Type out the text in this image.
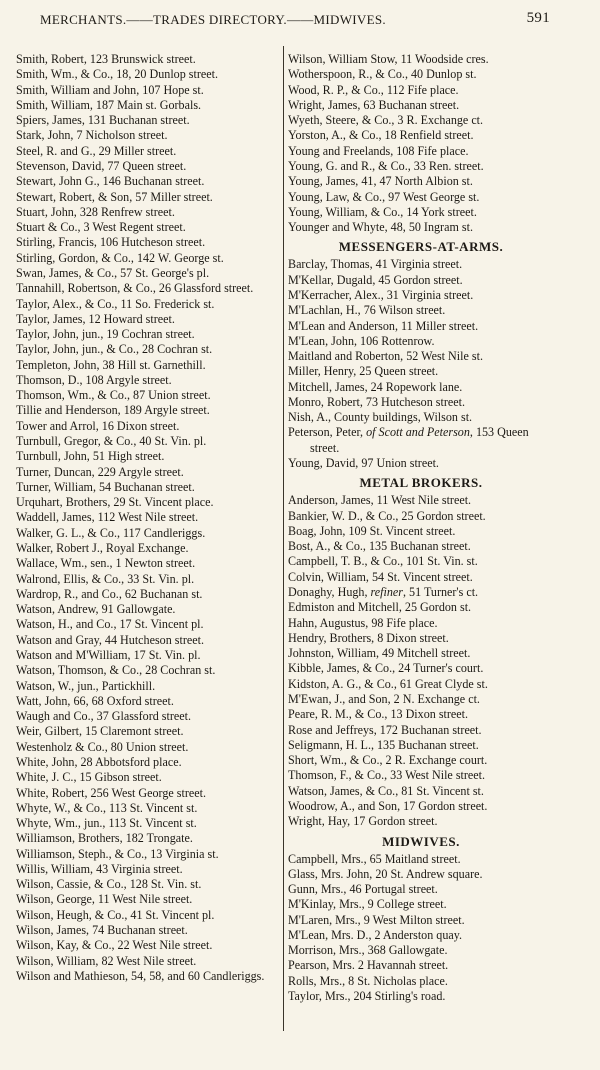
MERCHANTS.——TRADES DIRECTORY.——MIDWIVES.	591
Smith, Robert, 123 Brunswick street.
Smith, Wm., & Co., 18, 20 Dunlop street.
Smith, William and John, 107 Hope st.
Smith, William, 187 Main st. Gorbals.
Spiers, James, 131 Buchanan street.
Stark, John, 7 Nicholson street.
Steel, R. and G., 29 Miller street.
Stevenson, David, 77 Queen street.
Stewart, John G., 146 Buchanan street.
Stewart, Robert, & Son, 57 Miller street.
Stuart, John, 328 Renfrew street.
Stuart & Co., 3 West Regent street.
Stirling, Francis, 106 Hutcheson street.
Stirling, Gordon, & Co., 142 W. George st.
Swan, James, & Co., 57 St. George's pl.
Tannahill, Robertson, & Co., 26 Glassford street.
Taylor, Alex., & Co., 11 So. Frederick st.
Taylor, James, 12 Howard street.
Taylor, John, jun., 19 Cochran street.
Taylor, John, jun., & Co., 28 Cochran st.
Templeton, John, 38 Hill st. Garnethill.
Thomson, D., 108 Argyle street.
Thomson, Wm., & Co., 87 Union street.
Tillie and Henderson, 189 Argyle street.
Tower and Arrol, 16 Dixon street.
Turnbull, Gregor, & Co., 40 St. Vin. pl.
Turnbull, John, 51 High street.
Turner, Duncan, 229 Argyle street.
Turner, William, 54 Buchanan street.
Urquhart, Brothers, 29 St. Vincent place.
Waddell, James, 112 West Nile street.
Walker, G. L., & Co., 117 Candleriggs.
Walker, Robert J., Royal Exchange.
Wallace, Wm., sen., 1 Newton street.
Walrond, Ellis, & Co., 33 St. Vin. pl.
Wardrop, R., and Co., 62 Buchanan st.
Watson, Andrew, 91 Gallowgate.
Watson, H., and Co., 17 St. Vincent pl.
Watson and Gray, 44 Hutcheson street.
Watson and M'William, 17 St. Vin. pl.
Watson, Thomson, & Co., 28 Cochran st.
Watson, W., jun., Partickhill.
Watt, John, 66, 68 Oxford street.
Waugh and Co., 37 Glassford street.
Weir, Gilbert, 15 Claremont street.
Westenholz & Co., 80 Union street.
White, John, 28 Abbotsford place.
White, J. C., 15 Gibson street.
White, Robert, 256 West George street.
Whyte, W., & Co., 113 St. Vincent st.
Whyte, Wm., jun., 113 St. Vincent st.
Williamson, Brothers, 182 Trongate.
Williamson, Steph., & Co., 13 Virginia st.
Willis, William, 43 Virginia street.
Wilson, Cassie, & Co., 128 St. Vin. st.
Wilson, George, 11 West Nile street.
Wilson, Heugh, & Co., 41 St. Vincent pl.
Wilson, James, 74 Buchanan street.
Wilson, Kay, & Co., 22 West Nile street.
Wilson, William, 82 West Nile street.
Wilson and Mathieson, 54, 58, and 60 Candleriggs.
Wilson, William Stow, 11 Woodside cres.
Wotherspoon, R., & Co., 40 Dunlop st.
Wood, R. P., & Co., 112 Fife place.
Wright, James, 63 Buchanan street.
Wyeth, Steere, & Co., 3 R. Exchange ct.
Yorston, A., & Co., 18 Renfield street.
Young and Freelands, 108 Fife place.
Young, G. and R., & Co., 33 Ren. street.
Young, James, 41, 47 North Albion st.
Young, Law, & Co., 97 West George st.
Young, William, & Co., 14 York street.
Younger and Whyte, 48, 50 Ingram st.
MESSENGERS-AT-ARMS.
Barclay, Thomas, 41 Virginia street.
M'Kellar, Dugald, 45 Gordon street.
M'Kerracher, Alex., 31 Virginia street.
M'Lachlan, H., 76 Wilson street.
M'Lean and Anderson, 11 Miller street.
M'Lean, John, 106 Rottenrow.
Maitland and Roberton, 52 West Nile st.
Miller, Henry, 25 Queen street.
Mitchell, James, 24 Ropework lane.
Monro, Robert, 73 Hutcheson street.
Nish, A., County buildings, Wilson st.
Peterson, Peter, of Scott and Peterson, 153 Queen street.
Young, David, 97 Union street.
METAL BROKERS.
Anderson, James, 11 West Nile street.
Bankier, W. D., & Co., 25 Gordon street.
Boag, John, 109 St. Vincent street.
Bost, A., & Co., 135 Buchanan street.
Campbell, T. B., & Co., 101 St. Vin. st.
Colvin, William, 54 St. Vincent street.
Donaghy, Hugh, refiner, 51 Turner's ct.
Edmiston and Mitchell, 25 Gordon st.
Hahn, Augustus, 98 Fife place.
Hendry, Brothers, 8 Dixon street.
Johnston, William, 49 Mitchell street.
Kibble, James, & Co., 24 Turner's court.
Kidston, A. G., & Co., 61 Great Clyde st.
M'Ewan, J., and Son, 2 N. Exchange ct.
Peare, R. M., & Co., 13 Dixon street.
Rose and Jeffreys, 172 Buchanan street.
Seligmann, H. L., 135 Buchanan street.
Short, Wm., & Co., 2 R. Exchange court.
Thomson, F., & Co., 33 West Nile street.
Watson, James, & Co., 81 St. Vincent st.
Woodrow, A., and Son, 17 Gordon street.
Wright, Hay, 17 Gordon street.
MIDWIVES.
Campbell, Mrs., 65 Maitland street.
Glass, Mrs. John, 20 St. Andrew square.
Gunn, Mrs., 46 Portugal street.
M'Kinlay, Mrs., 9 College street.
M'Laren, Mrs., 9 West Milton street.
M'Lean, Mrs. D., 2 Anderston quay.
Morrison, Mrs., 368 Gallowgate.
Pearson, Mrs. 2 Havannah street.
Rolls, Mrs., 8 St. Nicholas place.
Taylor, Mrs., 204 Stirling's road.
